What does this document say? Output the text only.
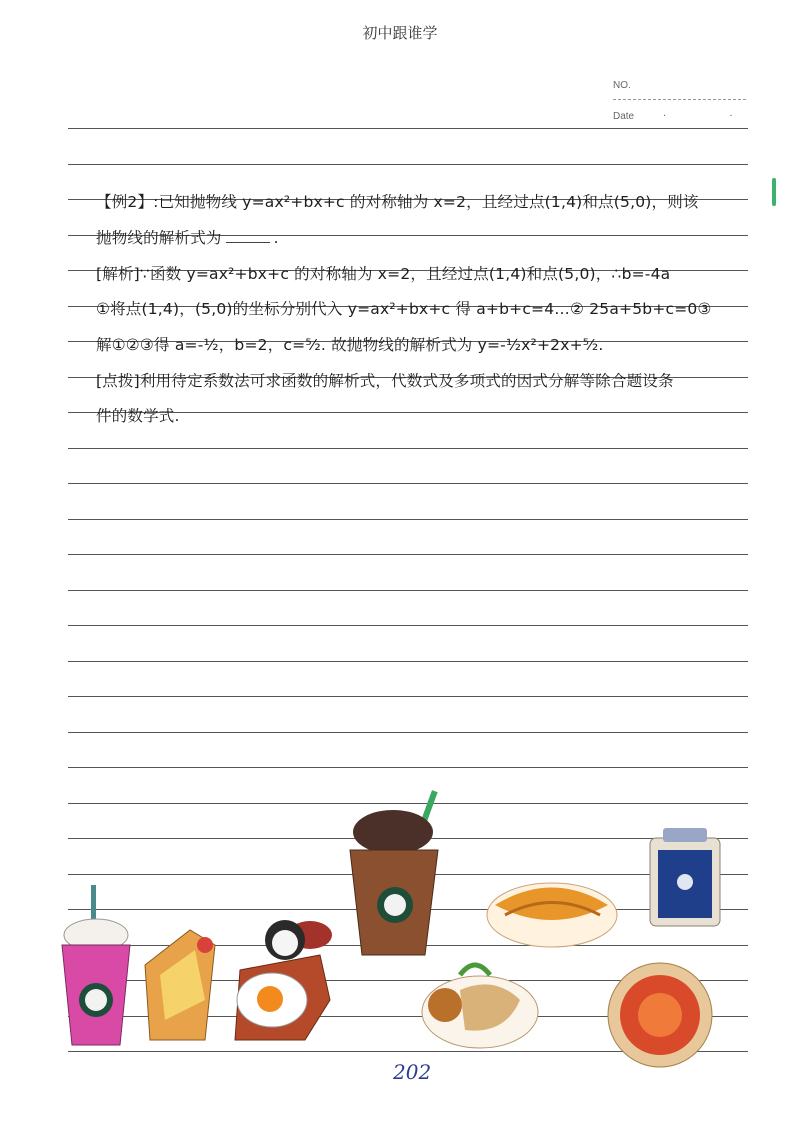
初中跟谁学
NO.
Date	· ·
【例2】:已知抛物线 y=ax²+bx+c 的对称轴为 x=2，且经过点(1,4)和点(5,0)，则该
抛物线的解析式为	.
[解析]∵函数 y=ax²+bx+c 的对称轴为 x=2，且经过点(1,4)和点(5,0)，∴b=-4a
①将点(1,4)，(5,0)的坐标分别代入 y=ax²+bx+c 得 a+b+c=4…② 25a+5b+c=0③
解①②③得 a=-½，b=2，c=⁵⁄₂. 故抛物线的解析式为 y=-½x²+2x+⁵⁄₂.
[点拨]利用待定系数法可求函数的解析式，代数式及多项式的因式分解等除合题设条
件的数学式.
202
